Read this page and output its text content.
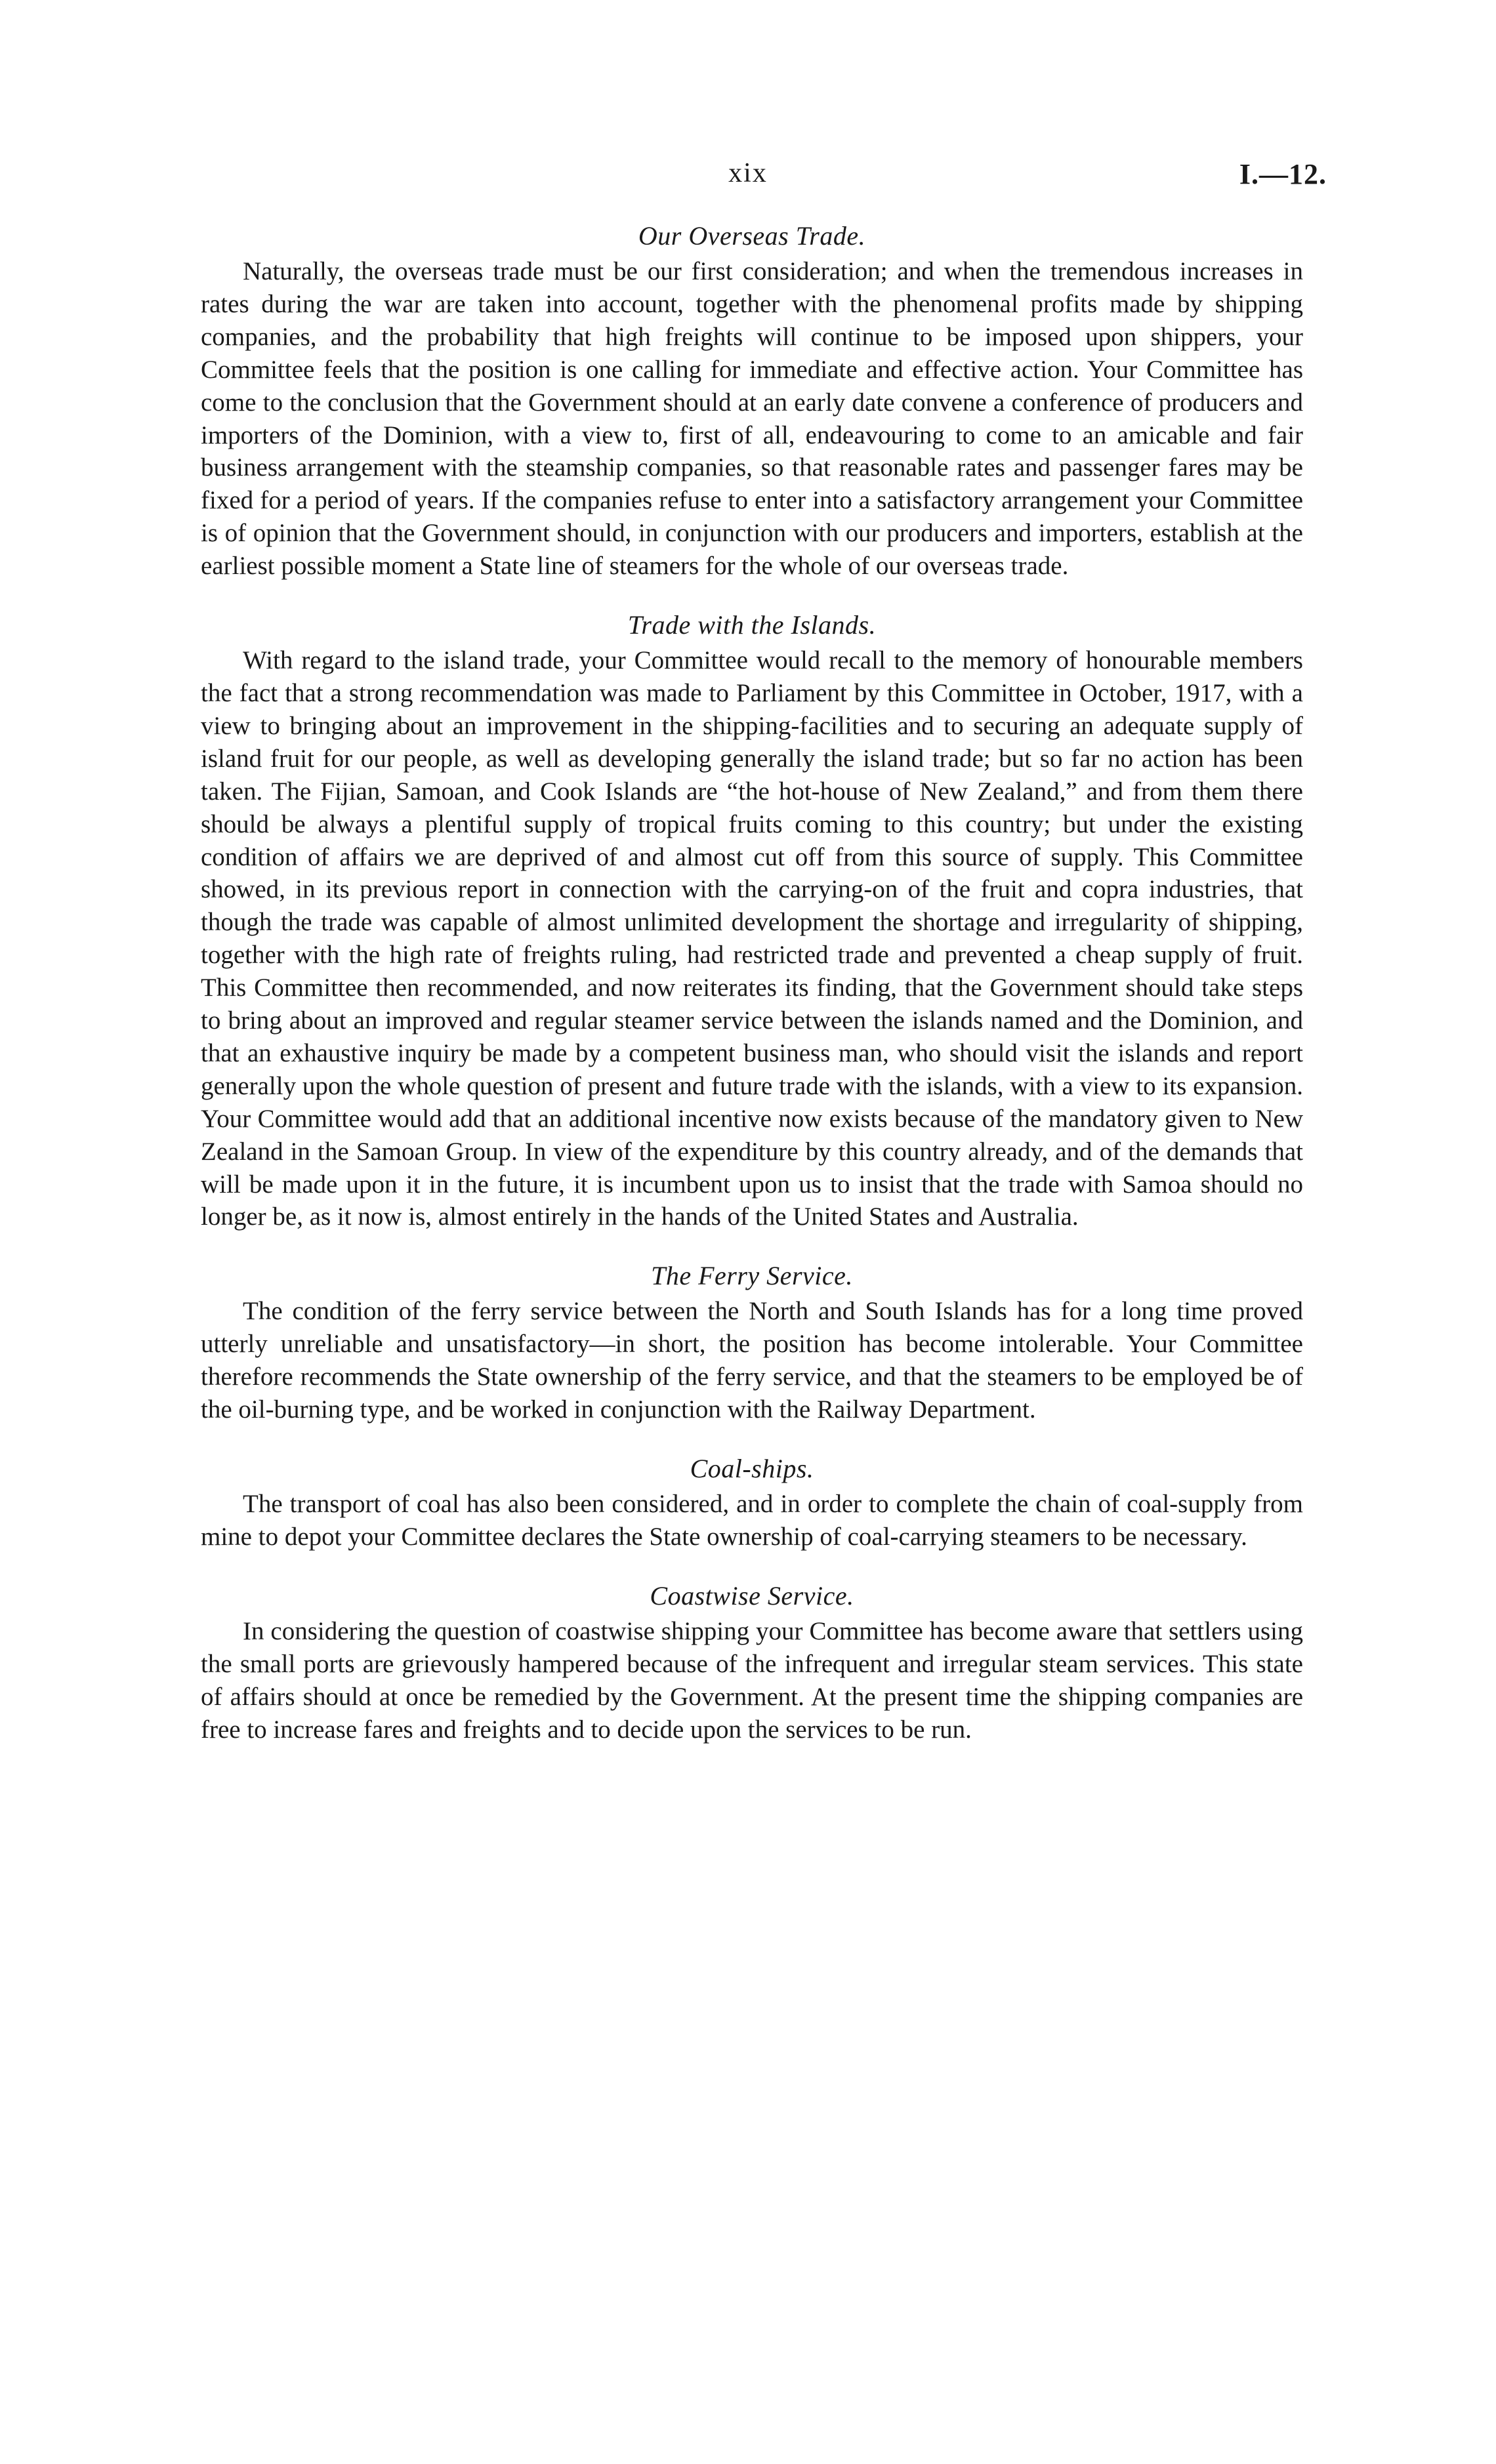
xix	I.—12.
Our Overseas Trade.

Naturally, the overseas trade must be our first consideration; and when the tremendous increases in rates during the war are taken into account, together with the phenomenal profits made by shipping companies, and the probability that high freights will continue to be imposed upon shippers, your Committee feels that the position is one calling for immediate and effective action. Your Committee has come to the conclusion that the Government should at an early date convene a conference of producers and importers of the Dominion, with a view to, first of all, endeavouring to come to an amicable and fair business arrangement with the steamship companies, so that reasonable rates and passenger fares may be fixed for a period of years. If the companies refuse to enter into a satisfactory arrangement your Committee is of opinion that the Government should, in conjunction with our producers and importers, establish at the earliest possible moment a State line of steamers for the whole of our overseas trade.

Trade with the Islands.

With regard to the island trade, your Committee would recall to the memory of honourable members the fact that a strong recommendation was made to Parliament by this Committee in October, 1917, with a view to bringing about an improvement in the shipping-facilities and to securing an adequate supply of island fruit for our people, as well as developing generally the island trade; but so far no action has been taken. The Fijian, Samoan, and Cook Islands are “the hot-house of New Zealand,” and from them there should be always a plentiful supply of tropical fruits coming to this country; but under the existing condition of affairs we are deprived of and almost cut off from this source of supply. This Committee showed, in its previous report in connection with the carrying-on of the fruit and copra industries, that though the trade was capable of almost unlimited development the shortage and irregularity of shipping, together with the high rate of freights ruling, had restricted trade and prevented a cheap supply of fruit. This Committee then recommended, and now reiterates its finding, that the Government should take steps to bring about an improved and regular steamer service between the islands named and the Dominion, and that an exhaustive inquiry be made by a competent business man, who should visit the islands and report generally upon the whole question of present and future trade with the islands, with a view to its expansion. Your Committee would add that an additional incentive now exists because of the mandatory given to New Zealand in the Samoan Group. In view of the expenditure by this country already, and of the demands that will be made upon it in the future, it is incumbent upon us to insist that the trade with Samoa should no longer be, as it now is, almost entirely in the hands of the United States and Australia.

The Ferry Service.

The condition of the ferry service between the North and South Islands has for a long time proved utterly unreliable and unsatisfactory—in short, the position has become intolerable. Your Committee therefore recommends the State ownership of the ferry service, and that the steamers to be employed be of the oil-burning type, and be worked in conjunction with the Railway Department.

Coal-ships.

The transport of coal has also been considered, and in order to complete the chain of coal-supply from mine to depot your Committee declares the State ownership of coal-carrying steamers to be necessary.

Coastwise Service.

In considering the question of coastwise shipping your Committee has become aware that settlers using the small ports are grievously hampered because of the infrequent and irregular steam services. This state of affairs should at once be remedied by the Government. At the present time the shipping companies are free to increase fares and freights and to decide upon the services to be run.
